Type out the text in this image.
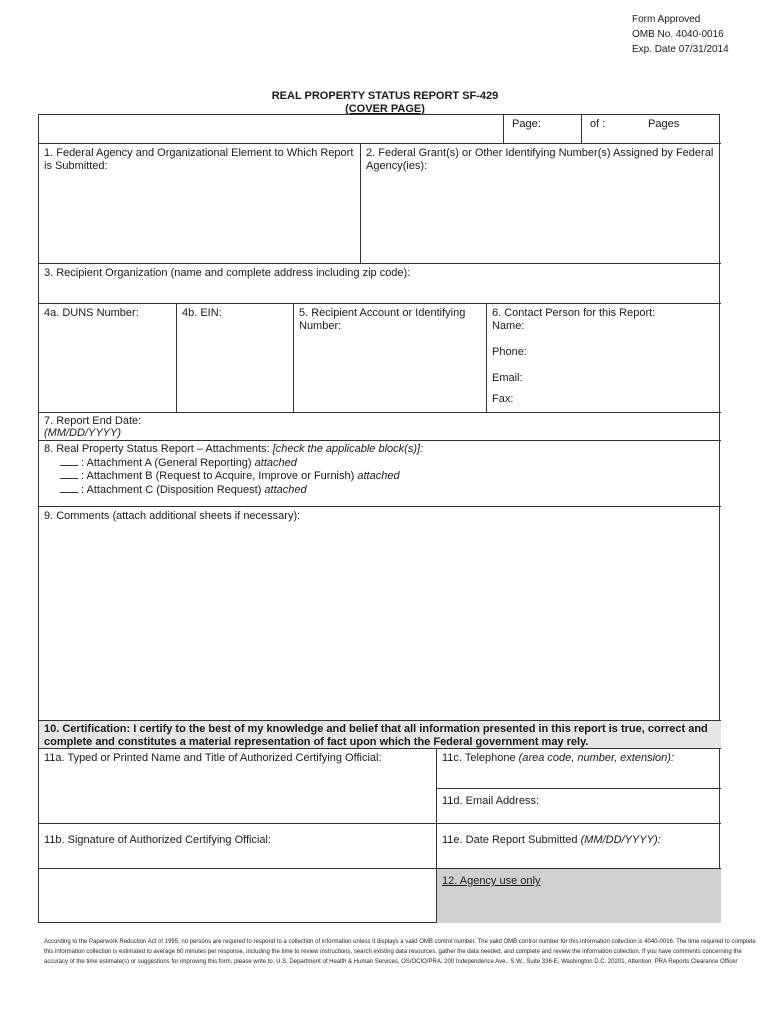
Form Approved
OMB No. 4040-0016
Exp. Date 07/31/2014
REAL PROPERTY STATUS REPORT SF-429
(COVER PAGE)
Page:	of :	Pages
1. Federal Agency and Organizational Element to Which Report is Submitted:
2. Federal Grant(s) or Other Identifying Number(s) Assigned by Federal Agency(ies):
3. Recipient Organization (name and complete address including zip code):
4a. DUNS Number:	4b. EIN:	5. Recipient Account or Identifying Number:
6. Contact Person for this Report:
Name:
Phone:
Email:
Fax:
7. Report End Date:
(MM/DD/YYYY)
8. Real Property Status Report – Attachments: [check the applicable block(s)]:
: Attachment A (General Reporting) attached
: Attachment B (Request to Acquire, Improve or Furnish) attached
: Attachment C (Disposition Request) attached
9. Comments (attach additional sheets if necessary):
10. Certification: I certify to the best of my knowledge and belief that all information presented in this report is true, correct and complete and constitutes a material representation of fact upon which the Federal government may rely.
11a. Typed or Printed Name and Title of Authorized Certifying Official:	11c. Telephone (area code, number, extension):
11d. Email Address:
11b. Signature of Authorized Certifying Official:	11e. Date Report Submitted (MM/DD/YYYY):
12. Agency use only
According to the Paperwork Reduction Act of 1995, no persons are required to respond to a collection of information unless it displays a valid OMB control number. The valid OMB control number for this information collection is 4040-0016. The time required to complete this information collection is estimated to average 60 minutes per response, including the time to review instructions, search existing data resources, gather the data needed, and complete and review the information collection. If you have comments concerning the accuracy of the time estimate(s) or suggestions for improving this form, please write to: U.S. Department of Health & Human Services, OS/OCIO/PRA, 200 Independence Ave., S.W., Suite 336-E, Washington D.C. 20201, Attention: PRA Reports Clearance Officer
